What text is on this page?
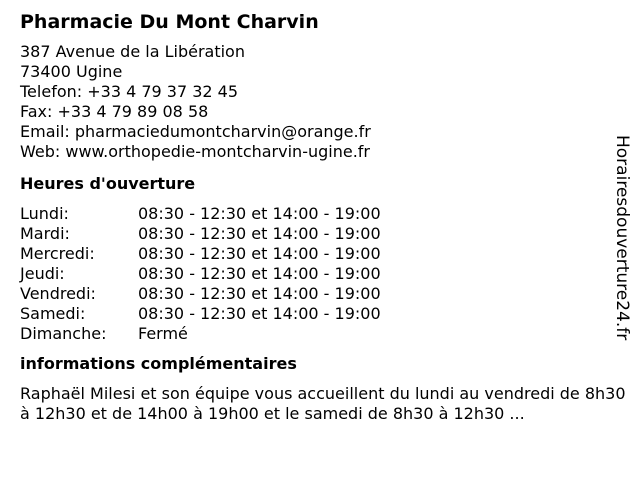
Pharmacie Du Mont Charvin
387 Avenue de la Libération
73400 Ugine
Telefon: +33 4 79 37 32 45
Fax: +33 4 79 89 08 58
Email: pharmaciedumontcharvin@orange.fr
Web: www.orthopedie-montcharvin-ugine.fr
Heures d'ouverture
Lundi:	08:30 - 12:30 et 14:00 - 19:00
Mardi:	08:30 - 12:30 et 14:00 - 19:00
Mercredi:	08:30 - 12:30 et 14:00 - 19:00
Jeudi:	08:30 - 12:30 et 14:00 - 19:00
Vendredi:	08:30 - 12:30 et 14:00 - 19:00
Samedi:	08:30 - 12:30 et 14:00 - 19:00
Dimanche:	Fermé
informations complémentaires
Raphaël Milesi et son équipe vous accueillent du lundi au vendredi de 8h30 à 12h30 et de 14h00 à 19h00 et le samedi de 8h30 à 12h30 ...
Horairesdouverture24.fr
